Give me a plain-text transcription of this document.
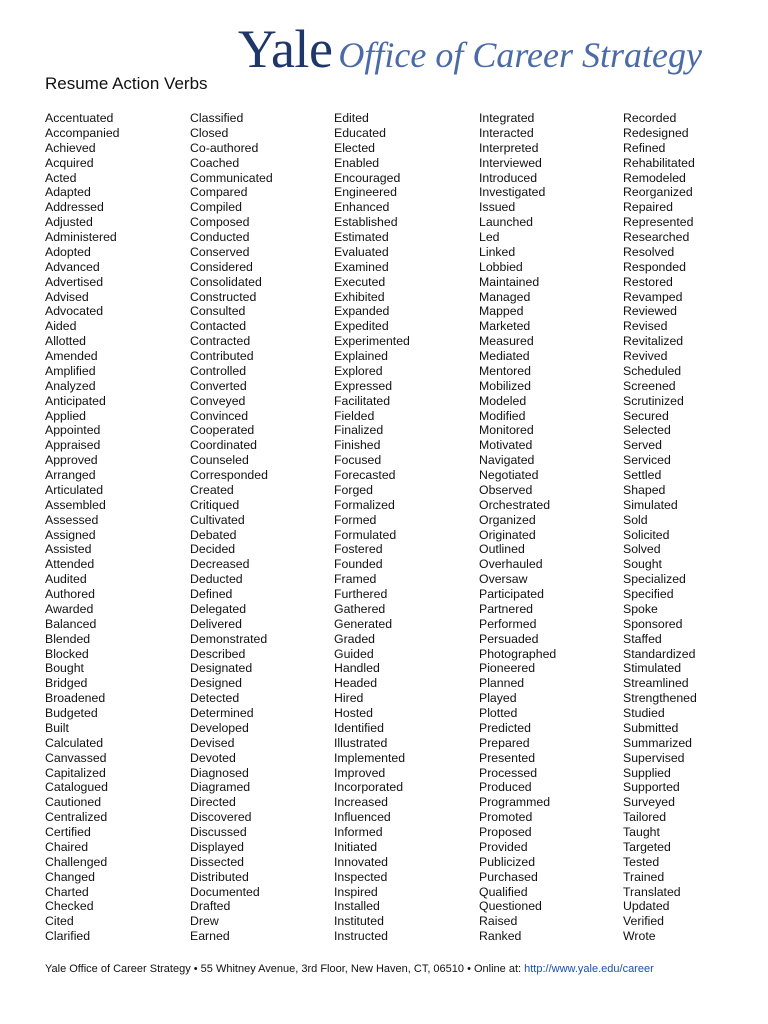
Yale Office of Career Strategy
Resume Action Verbs
Accentuated
Accompanied
Achieved
Acquired
Acted
Adapted
Addressed
Adjusted
Administered
Adopted
Advanced
Advertised
Advised
Advocated
Aided
Allotted
Amended
Amplified
Analyzed
Anticipated
Applied
Appointed
Appraised
Approved
Arranged
Articulated
Assembled
Assessed
Assigned
Assisted
Attended
Audited
Authored
Awarded
Balanced
Blended
Blocked
Bought
Bridged
Broadened
Budgeted
Built
Calculated
Canvassed
Capitalized
Catalogued
Cautioned
Centralized
Certified
Chaired
Challenged
Changed
Charted
Checked
Cited
Clarified
Classified
Closed
Co-authored
Coached
Communicated
Compared
Compiled
Composed
Conducted
Conserved
Considered
Consolidated
Constructed
Consulted
Contacted
Contracted
Contributed
Controlled
Converted
Conveyed
Convinced
Cooperated
Coordinated
Counseled
Corresponded
Created
Critiqued
Cultivated
Debated
Decided
Decreased
Deducted
Defined
Delegated
Delivered
Demonstrated
Described
Designated
Designed
Detected
Determined
Developed
Devised
Devoted
Diagnosed
Diagramed
Directed
Discovered
Discussed
Displayed
Dissected
Distributed
Documented
Drafted
Drew
Earned
Edited
Educated
Elected
Enabled
Encouraged
Engineered
Enhanced
Established
Estimated
Evaluated
Examined
Executed
Exhibited
Expanded
Expedited
Experimented
Explained
Explored
Expressed
Facilitated
Fielded
Finalized
Finished
Focused
Forecasted
Forged
Formalized
Formed
Formulated
Fostered
Founded
Framed
Furthered
Gathered
Generated
Graded
Guided
Handled
Headed
Hired
Hosted
Identified
Illustrated
Implemented
Improved
Incorporated
Increased
Influenced
Informed
Initiated
Innovated
Inspected
Inspired
Installed
Instituted
Instructed
Integrated
Interacted
Interpreted
Interviewed
Introduced
Investigated
Issued
Launched
Led
Linked
Lobbied
Maintained
Managed
Mapped
Marketed
Measured
Mediated
Mentored
Mobilized
Modeled
Modified
Monitored
Motivated
Navigated
Negotiated
Observed
Orchestrated
Organized
Originated
Outlined
Overhauled
Oversaw
Participated
Partnered
Performed
Persuaded
Photographed
Pioneered
Planned
Played
Plotted
Predicted
Prepared
Presented
Processed
Produced
Programmed
Promoted
Proposed
Provided
Publicized
Purchased
Qualified
Questioned
Raised
Ranked
Recorded
Redesigned
Refined
Rehabilitated
Remodeled
Reorganized
Repaired
Represented
Researched
Resolved
Responded
Restored
Revamped
Reviewed
Revised
Revitalized
Revived
Scheduled
Screened
Scrutinized
Secured
Selected
Served
Serviced
Settled
Shaped
Simulated
Sold
Solicited
Solved
Sought
Specialized
Specified
Spoke
Sponsored
Staffed
Standardized
Stimulated
Streamlined
Strengthened
Studied
Submitted
Summarized
Supervised
Supplied
Supported
Surveyed
Tailored
Taught
Targeted
Tested
Trained
Translated
Updated
Verified
Wrote
Yale Office of Career Strategy • 55 Whitney Avenue, 3rd Floor, New Haven, CT, 06510 • Online at: http://www.yale.edu/career
